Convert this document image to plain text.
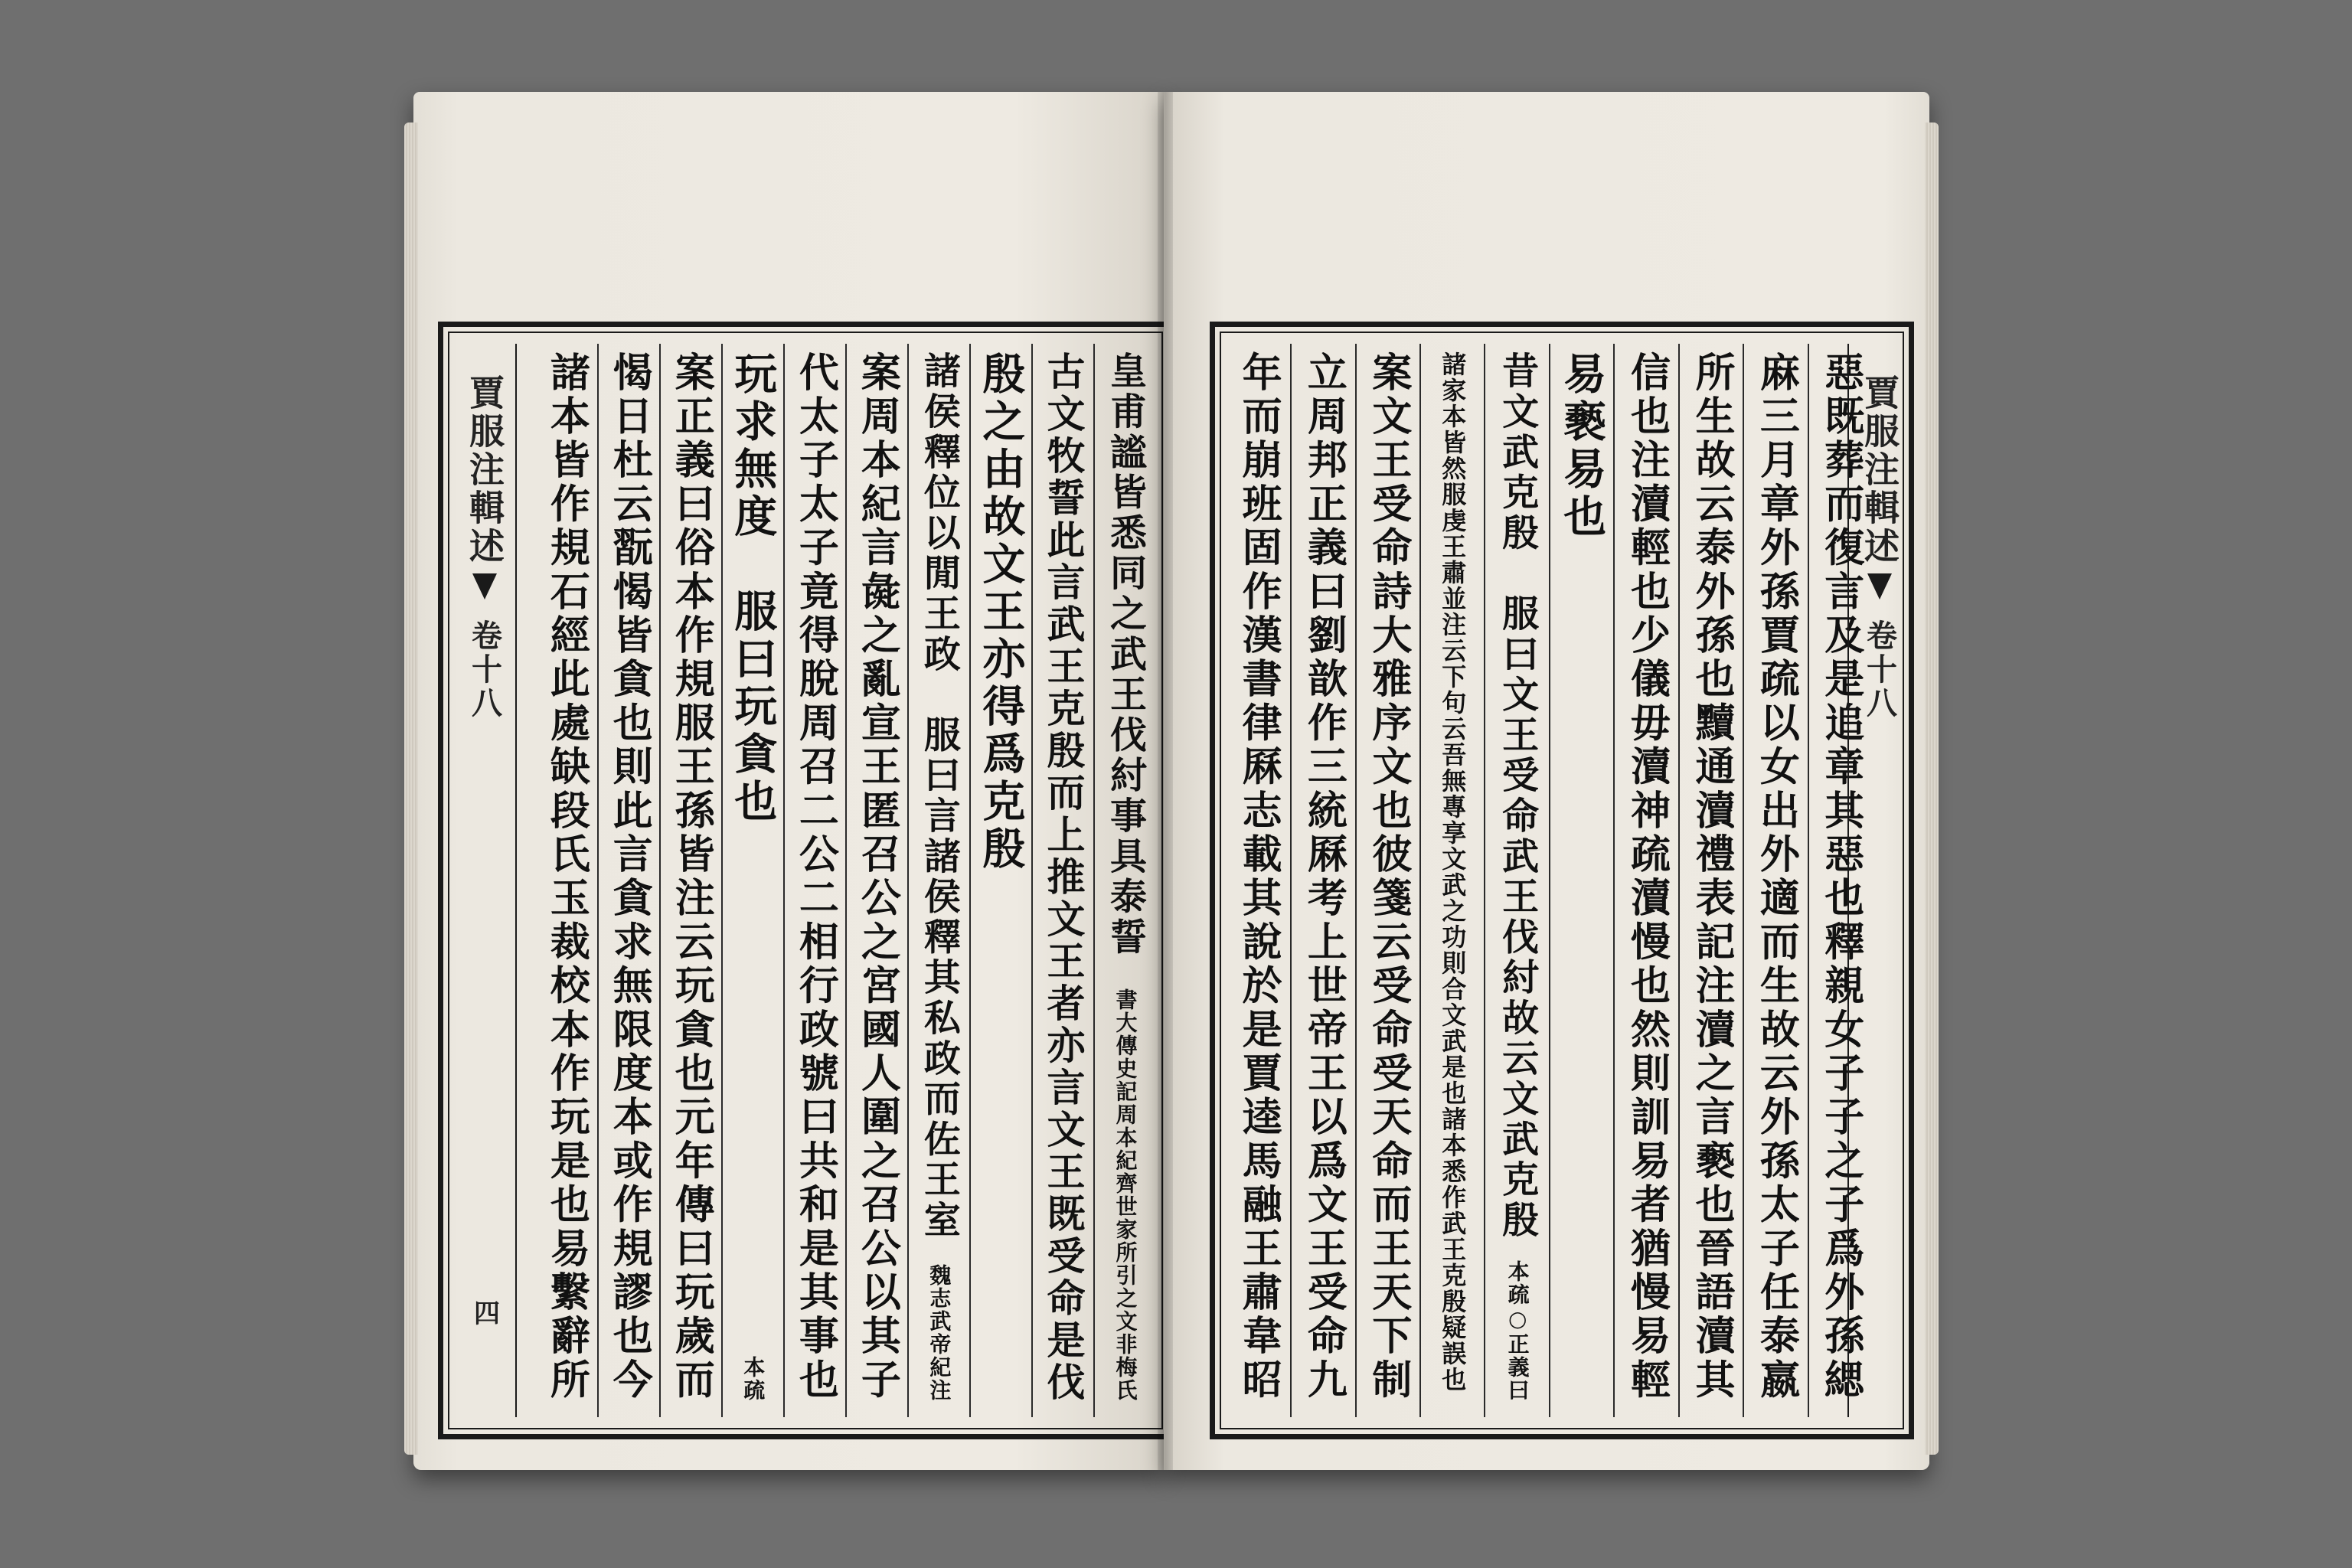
皇甫謐皆悉同之武王伐紂事具泰誓
書大傳史記周本紀齊世家所引之文非梅氏
古文牧誓此言武王克殷而上推文王者亦言文王既受命是伐
殷之由故文王亦得爲克殷
諸侯釋位以閒王政　服曰言諸侯釋其私政而佐王室
魏志武帝紀注
案周本紀言彘之亂宣王匿召公之宮國人圍之召公以其子
代太子太子竟得脫周召二公二相行政號曰共和是其事也
玩求無度　服曰玩貪也
本疏
案正義曰俗本作規服王孫皆注云玩貪也元年傳曰玩歲而
愒日杜云翫愒皆貪也則此言貪求無限度本或作規謬也今
諸本皆作規石經此處缺段氏玉裁校本作玩是也易繫辭所
賈服注輯述
卷十八
四	惡既葬而復言及是追章其惡也釋親女子子之子爲外孫緦
麻三月章外孫賈疏以女出外適而生故云外孫太子任泰嬴
所生故云泰外孫也黷通瀆禮表記注瀆之言褻也晉語瀆其
信也注瀆輕也少儀毋瀆神疏瀆慢也然則訓易者猶慢易輕
易褻易也
昔文武克殷　服曰文王受命武王伐紂故云文武克殷
本疏○正義曰
諸家本皆然服虔王肅並注云下句云吾無專享文武之功則合文武是也諸本悉作武王克殷疑誤也
案文王受命詩大雅序文也彼箋云受命受天命而王天下制
立周邦正義曰劉歆作三統厤考上世帝王以爲文王受命九
年而崩班固作漢書律厤志載其說於是賈逵馬融王肅韋昭	賈服注輯述
卷十八
